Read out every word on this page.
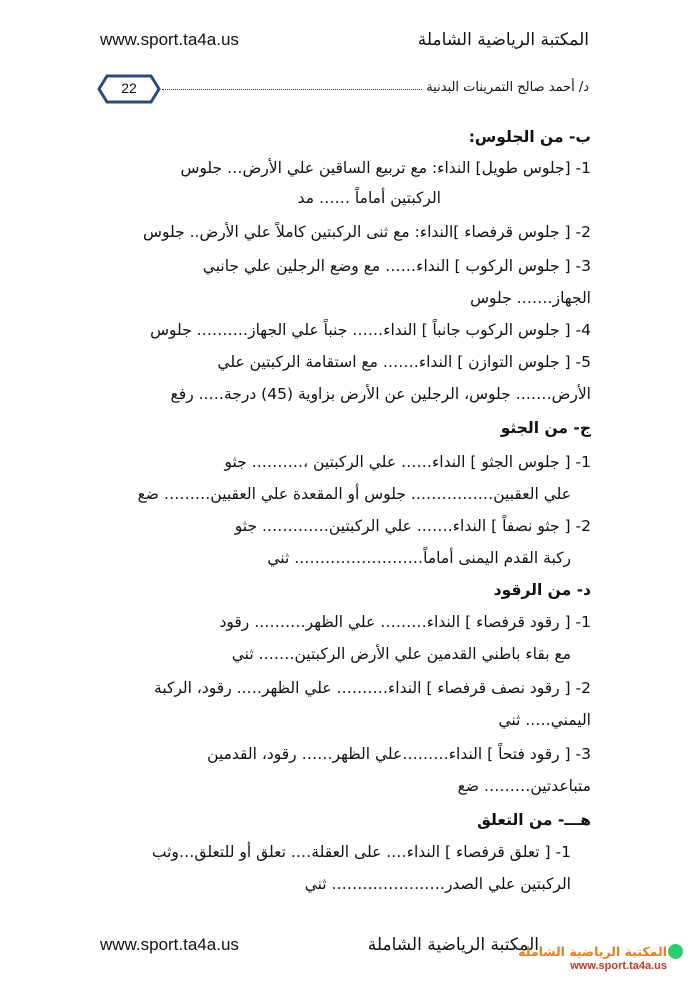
www.sport.ta4a.us	المكتبة الرياضية الشاملة
22	د/ أحمد صالح التمرينات البدنية
ب- من الجلوس:
1- [جلوس طويل] النداء: مع تربيع الساقين علي الأرض… جلوس
الركبتين أماماً …… مد
2- [ جلوس قرفصاء ]النداء: مع ثنى الركبتين كاملاً علي الأرض.. جلوس
3- [ جلوس الركوب ] النداء…… مع وضع الرجلين علي جانبي
الجهاز……. جلوس
4- [ جلوس الركوب جانباً ] النداء…… جنباً علي الجهاز………. جلوس
5- [ جلوس التوازن ] النداء……. مع استقامة الركبتين علي
الأرض……. جلوس، الرجلين عن الأرض بزاوية (45) درجة….. رفع
ج- من الجثو
1- [ جلوس الجثو ] النداء…… علي الركبتين ،………. جثو
علي العقبين……………. جلوس أو المقعدة علي العقبين……… ضع
2- [ جثو نصفاً ] النداء……. علي الركبتين…………. جثو
ركبة القدم اليمنى أماماً……………………. ثني
د- من الرقود
1- [ رقود قرفصاء ] النداء……… علي الظهر………. رقود
مع بقاء باطني القدمين علي الأرض الركبتين……. ثني
2- [ رقود نصف قرفصاء ] النداء………. علي الظهر….. رقود، الركبة
اليمني….. ثني
3- [ رقود فتحاً ] النداء………علي الظهر…… رقود، القدمين
متباعدتين……… ضع
هـــ- من التعلق
1- [ تعلق قرفصاء ] النداء…. على العقلة…. تعلق أو للتعلق…وثب
الركبتين علي الصدر…………………. ثني
www.sport.ta4a.us	المكتبة الرياضية الشاملة
المكتبة الرياضية الشاملة
www.sport.ta4a.us
